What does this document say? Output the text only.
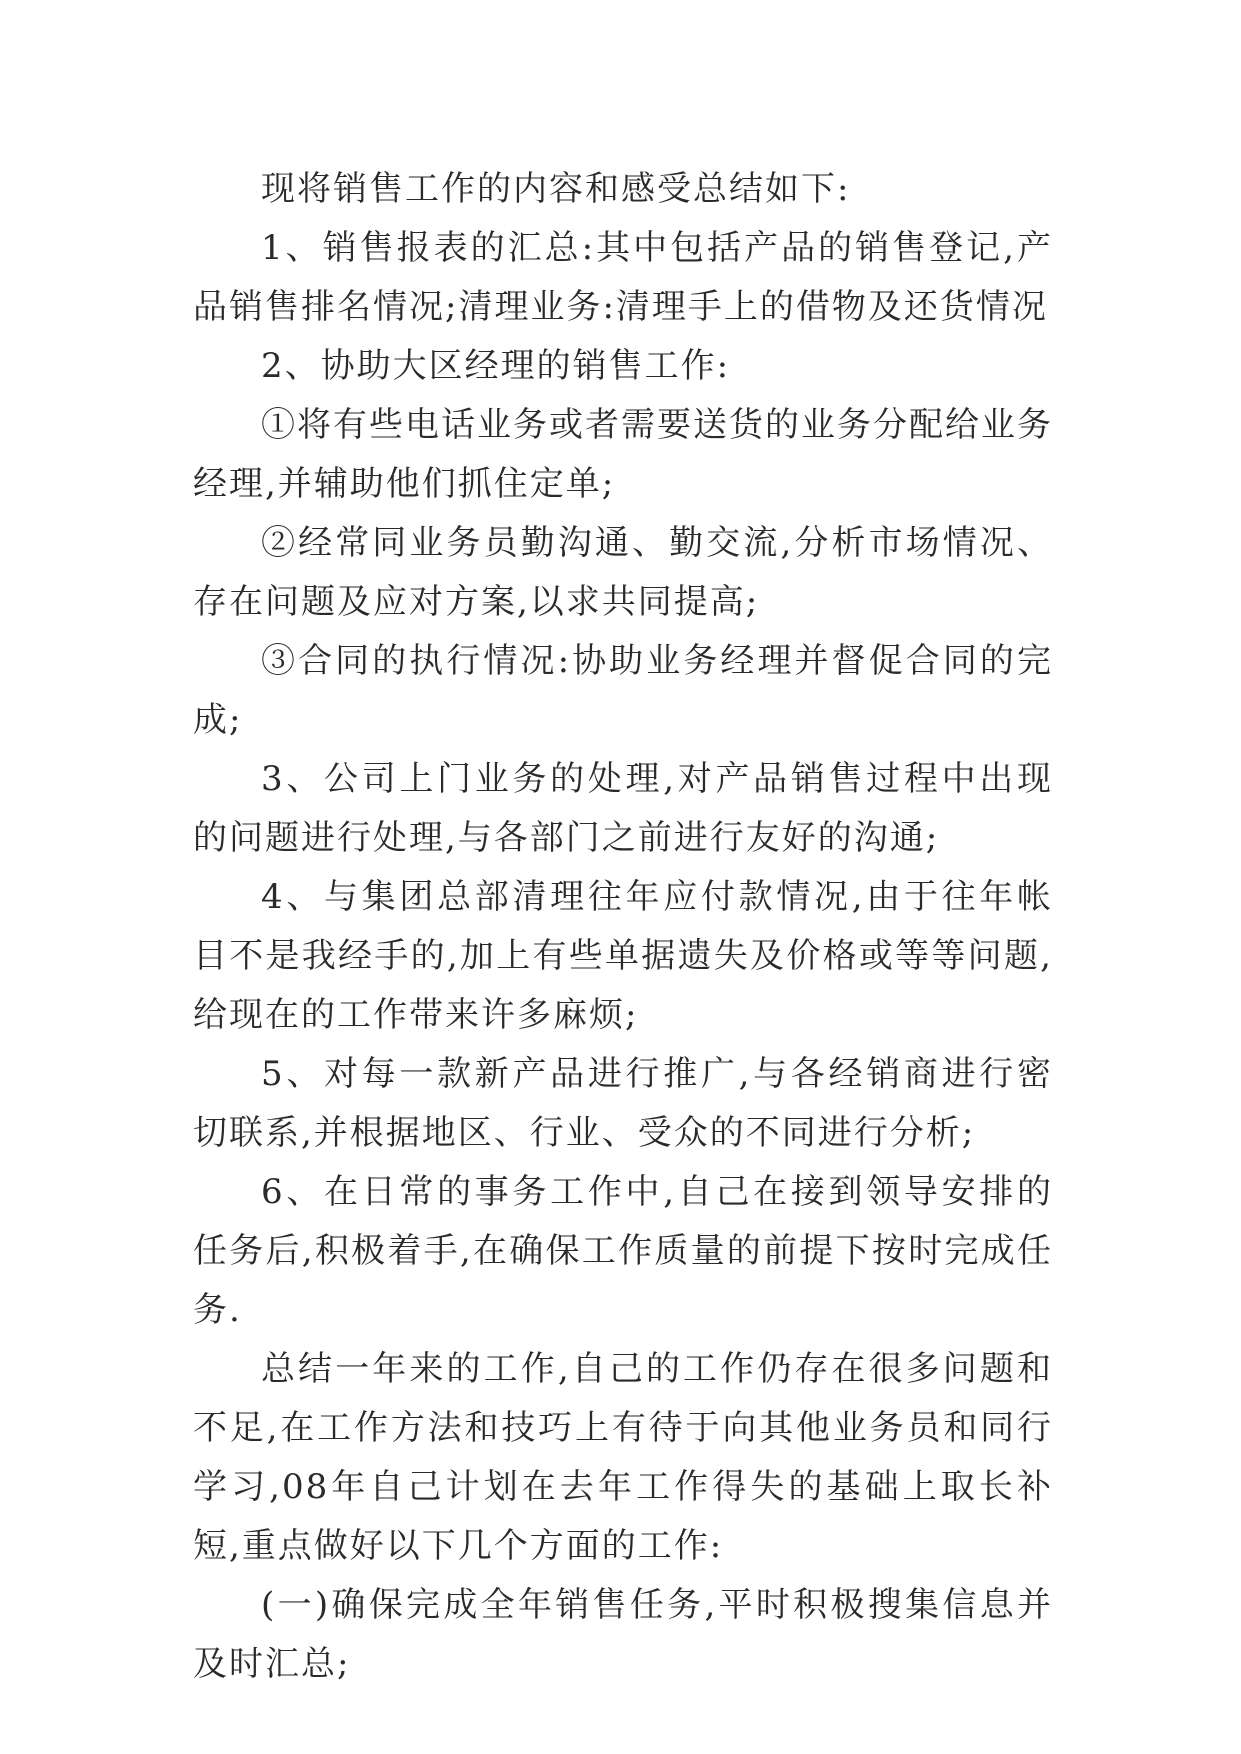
现将销售工作的内容和感受总结如下:

1、销售报表的汇总:其中包括产品的销售登记,产品销售排名情况;清理业务:清理手上的借物及还货情况

2、协助大区经理的销售工作:

①将有些电话业务或者需要送货的业务分配给业务经理,并辅助他们抓住定单;

②经常同业务员勤沟通、勤交流,分析市场情况、存在问题及应对方案,以求共同提高;

③合同的执行情况:协助业务经理并督促合同的完成;

3、公司上门业务的处理,对产品销售过程中出现的问题进行处理,与各部门之前进行友好的沟通;

4、与集团总部清理往年应付款情况,由于往年帐目不是我经手的,加上有些单据遗失及价格或等等问题,给现在的工作带来许多麻烦;

5、对每一款新产品进行推广,与各经销商进行密切联系,并根据地区、行业、受众的不同进行分析;

6、在日常的事务工作中,自己在接到领导安排的任务后,积极着手,在确保工作质量的前提下按时完成任务.

总结一年来的工作,自己的工作仍存在很多问题和不足,在工作方法和技巧上有待于向其他业务员和同行学习,08年自己计划在去年工作得失的基础上取长补短,重点做好以下几个方面的工作:

(一)确保完成全年销售任务,平时积极搜集信息并及时汇总;
